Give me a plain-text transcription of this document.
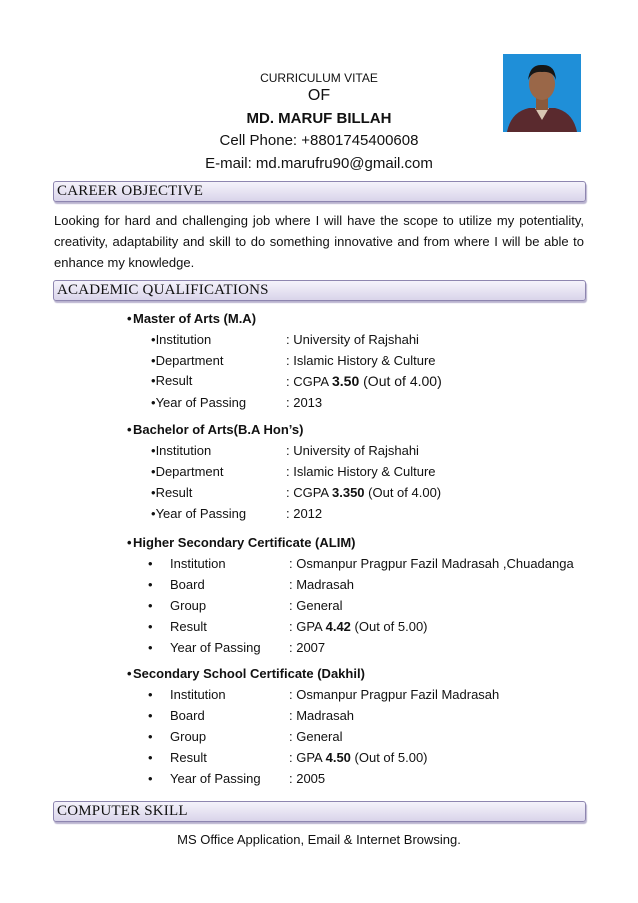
CURRICULUM VITAE
OF
MD. MARUF BILLAH
Cell Phone: +8801745400608
E-mail: md.marufru90@gmail.com
CAREER OBJECTIVE
Looking for hard and challenging job where I will have the scope to utilize my potentiality, creativity, adaptability and skill to do something innovative and from where I will be able to enhance my knowledge.
ACADEMIC QUALIFICATIONS
• Master of Arts (M.A)
• Institution	: University of Rajshahi
• Department	: Islamic History & Culture
• Result	: CGPA 3.50 (Out of 4.00)
• Year of Passing	: 2013
• Bachelor of Arts(B.A Hon’s)
• Institution	: University of Rajshahi
• Department	: Islamic History & Culture
• Result	: CGPA 3.350 (Out of 4.00)
• Year of Passing	: 2012
• Higher Secondary Certificate (ALIM)
• Institution	: Osmanpur Pragpur Fazil Madrasah ,Chuadanga
• Board	: Madrasah
• Group	: General
• Result	: GPA 4.42 (Out of 5.00)
• Year of Passing : 2007
• Secondary School Certificate (Dakhil)
• Institution	: Osmanpur Pragpur Fazil Madrasah
• Board	: Madrasah
• Group	: General
• Result	: GPA 4.50 (Out of 5.00)
• Year of Passing : 2005
COMPUTER SKILL
MS Office Application, Email & Internet Browsing.
